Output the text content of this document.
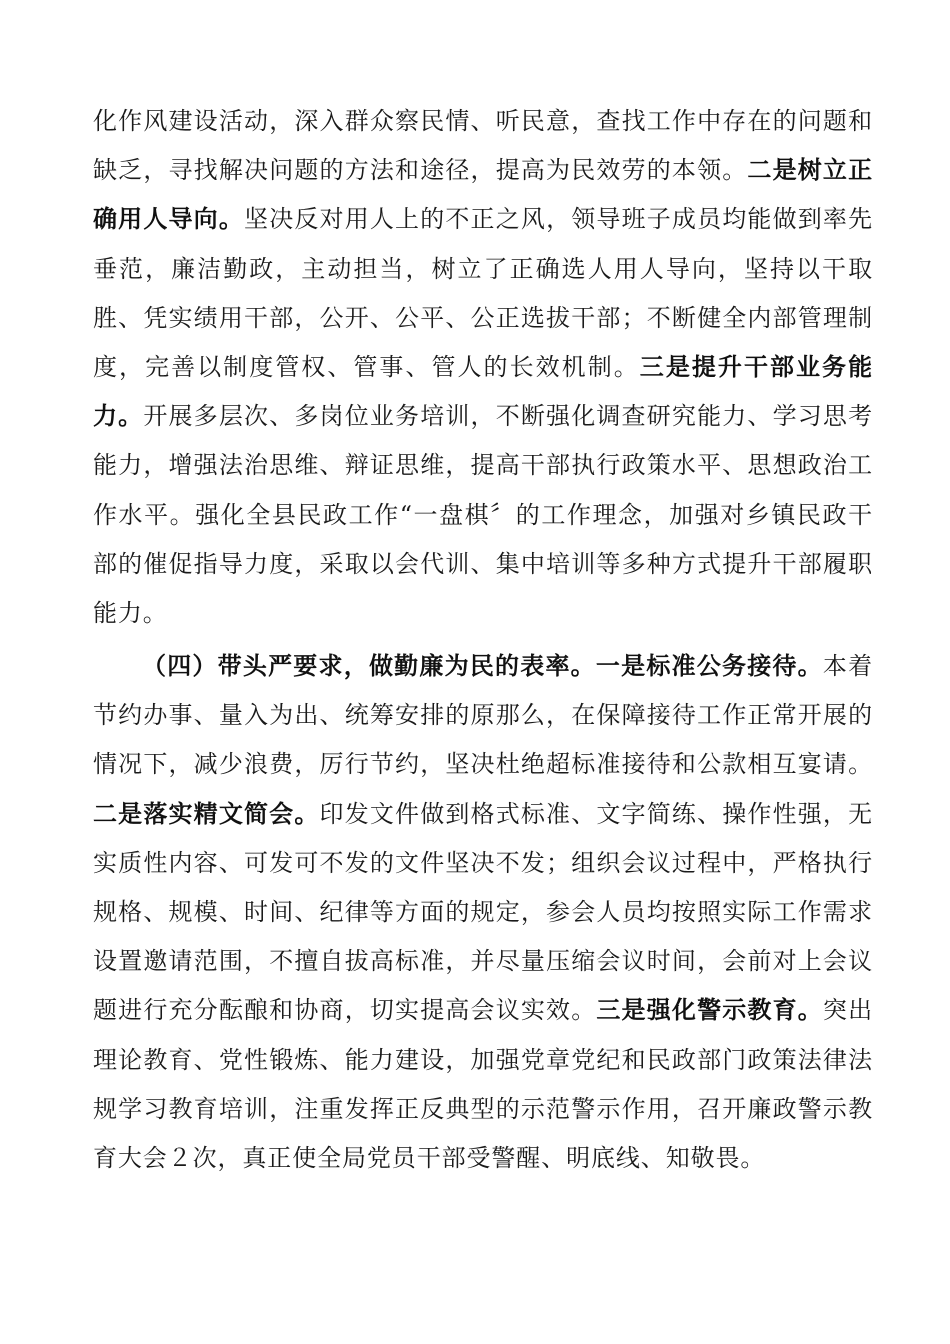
化作风建设活动，深入群众察民情、听民意，查找工作中存在的问题和缺乏，寻找解决问题的方法和途径，提高为民效劳的本领。二是树立正确用人导向。坚决反对用人上的不正之风，领导班子成员均能做到率先垂范，廉洁勤政，主动担当，树立了正确选人用人导向，坚持以干取胜、凭实绩用干部，公开、公平、公正选拔干部；不断健全内部管理制度，完善以制度管权、管事、管人的长效机制。三是提升干部业务能力。开展多层次、多岗位业务培训，不断强化调查研究能力、学习思考能力，增强法治思维、辩证思维，提高干部执行政策水平、思想政治工作水平。强化全县民政工作“一盘棋〞的工作理念，加强对乡镇民政干部的催促指导力度，采取以会代训、集中培训等多种方式提升干部履职能力。

（四）带头严要求，做勤廉为民的表率。一是标准公务接待。本着节约办事、量入为出、统筹安排的原那么，在保障接待工作正常开展的情况下，减少浪费，厉行节约，坚决杜绝超标准接待和公款相互宴请。二是落实精文简会。印发文件做到格式标准、文字简练、操作性强，无实质性内容、可发可不发的文件坚决不发；组织会议过程中，严格执行规格、规模、时间、纪律等方面的规定，参会人员均按照实际工作需求设置邀请范围，不擅自拔高标准，并尽量压缩会议时间，会前对上会议题进行充分酝酿和协商，切实提高会议实效。三是强化警示教育。突出理论教育、党性锻炼、能力建设，加强党章党纪和民政部门政策法律法规学习教育培训，注重发挥正反典型的示范警示作用，召开廉政警示教育大会２次，真正使全局党员干部受警醒、明底线、知敬畏。
